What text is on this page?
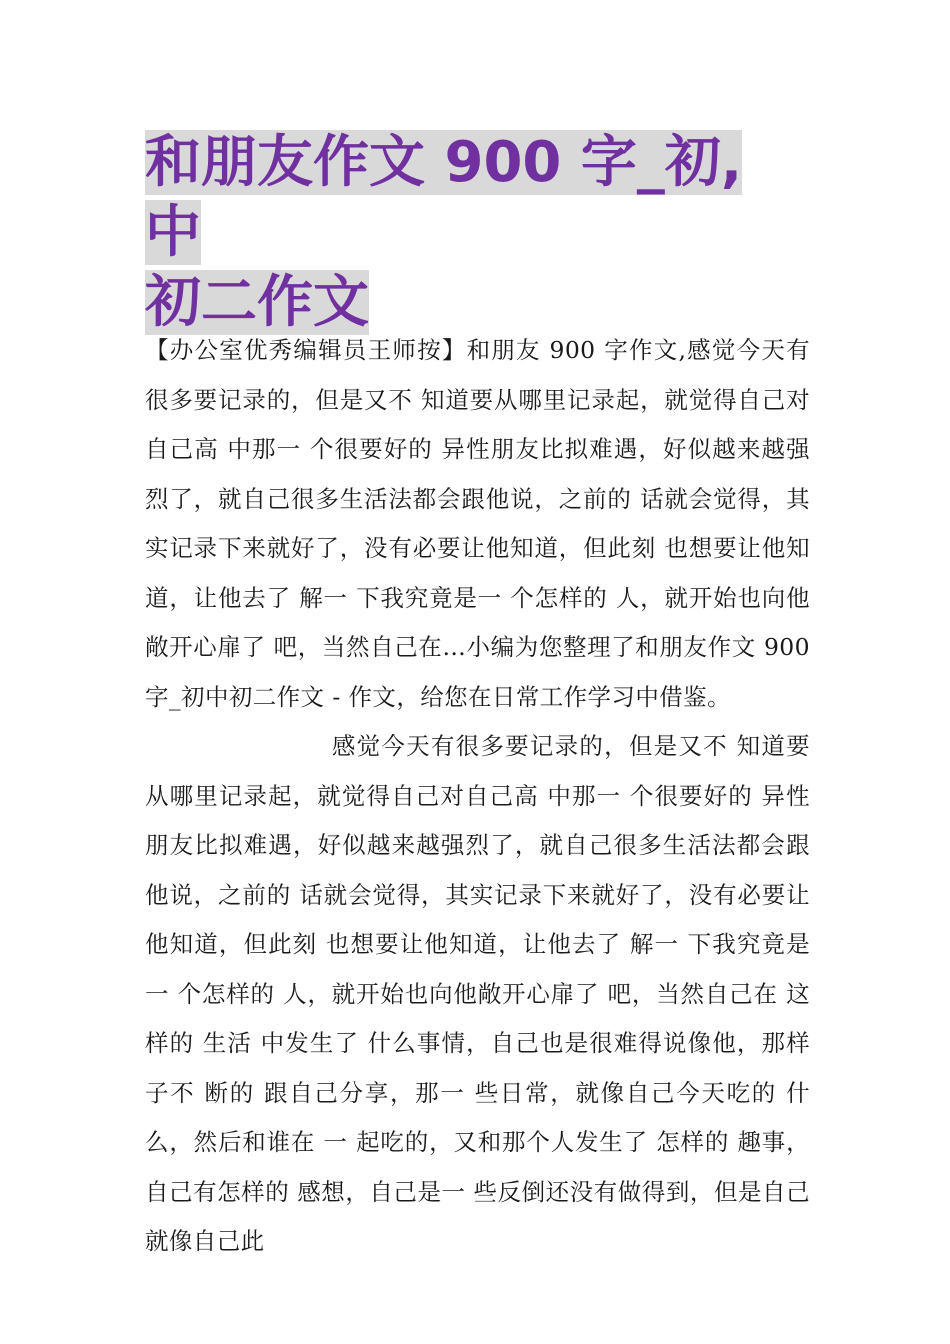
和朋友作文 900 字_初, 中
初二作文

【办公室优秀编辑员王师按】和朋友 900 字作文,感觉今天有很多要记录的，但是又不 知道要从哪里记录起，就觉得自己对自己高 中那一 个很要好的 异性朋友比拟难遇，好似越来越强烈了，就自己很多生活法都会跟他说，之前的 话就会觉得，其实记录下来就好了，没有必要让他知道，但此刻 也想要让他知道，让他去了 解一 下我究竟是一 个怎样的 人，就开始也向他敞开心扉了 吧，当然自己在…小编为您整理了和朋友作文 900 字_初中初二作文 - 作文，给您在日常工作学习中借鉴。

感觉今天有很多要记录的，但是又不 知道要从哪里记录起，就觉得自己对自己高 中那一 个很要好的 异性朋友比拟难遇，好似越来越强烈了，就自己很多生活法都会跟他说，之前的 话就会觉得，其实记录下来就好了，没有必要让他知道，但此刻 也想要让他知道，让他去了 解一 下我究竟是一 个怎样的 人，就开始也向他敞开心扉了 吧，当然自己在 这样的 生活 中发生了 什么事情，自己也是很难得说像他，那样子不 断的 跟自己分享，那一 些日常，就像自己今天吃的 什么，然后和谁在 一 起吃的，又和那个人发生了 怎样的 趣事，自己有怎样的 感想，自己是一 些反倒还没有做得到，但是自己就像自己此
